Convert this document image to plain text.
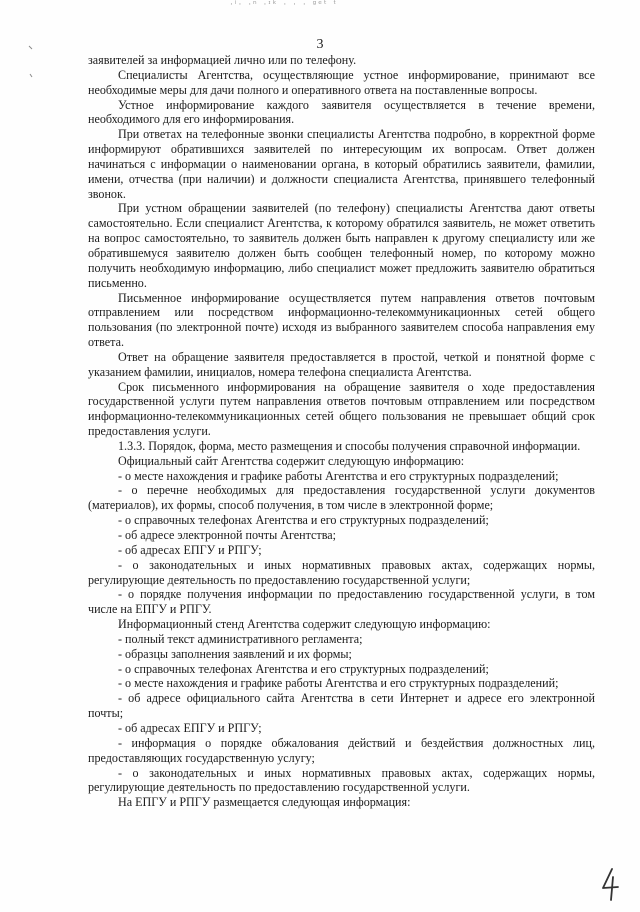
·ⁱ· ·ⁿ ·ᶦᵏ · · · ᵍᵉᵗ ᵗ
3

заявителей за информацией лично или по телефону.

Специалисты Агентства, осуществляющие устное информирование, принимают все необходимые меры для дачи полного и оперативного ответа на поставленные вопросы.

Устное информирование каждого заявителя осуществляется в течение времени, необходимого для его информирования.

При ответах на телефонные звонки специалисты Агентства подробно, в корректной форме информируют обратившихся заявителей по интересующим их вопросам. Ответ должен начинаться с информации о наименовании органа, в который обратились заявители, фамилии, имени, отчества (при наличии) и должности специалиста Агентства, принявшего телефонный звонок.

При устном обращении заявителей (по телефону) специалисты Агентства дают ответы самостоятельно. Если специалист Агентства, к которому обратился заявитель, не может ответить на вопрос самостоятельно, то заявитель должен быть направлен к другому специалисту или же обратившемуся заявителю должен быть сообщен телефонный номер, по которому можно получить необходимую информацию, либо специалист может предложить заявителю обратиться письменно.

Письменное информирование осуществляется путем направления ответов почтовым отправлением или посредством информационно-телекоммуникационных сетей общего пользования (по электронной почте) исходя из выбранного заявителем способа направления ему ответа.

Ответ на обращение заявителя предоставляется в простой, четкой и понятной форме с указанием фамилии, инициалов, номера телефона специалиста Агентства.

Срок письменного информирования на обращение заявителя о ходе предоставления государственной услуги путем направления ответов почтовым отправлением или посредством информационно-телекоммуникационных сетей общего пользования не превышает общий срок предоставления услуги.

1.3.3. Порядок, форма, место размещения и способы получения справочной информации.

Официальный сайт Агентства содержит следующую информацию:

- о месте нахождения и графике работы Агентства и его структурных подразделений;

- о перечне необходимых для предоставления государственной услуги документов (материалов), их формы, способ получения, в том числе в электронной форме;

- о справочных телефонах Агентства и его структурных подразделений;

- об адресе электронной почты Агентства;

- об адресах ЕПГУ и РПГУ;

- о законодательных и иных нормативных правовых актах, содержащих нормы, регулирующие деятельность по предоставлению государственной услуги;

- о порядке получения информации по предоставлению государственной услуги, в том числе на ЕПГУ и РПГУ.

Информационный стенд Агентства содержит следующую информацию:

- полный текст административного регламента;

- образцы заполнения заявлений и их формы;

- о справочных телефонах Агентства и его структурных подразделений;

- о месте нахождения и графике работы Агентства и его структурных подразделений;

- об адресе официального сайта Агентства в сети Интернет и адресе его электронной почты;

- об адресах ЕПГУ и РПГУ;

- информация о порядке обжалования действий и бездействия должностных лиц, предоставляющих государственную услугу;

- о законодательных и иных нормативных правовых актах, содержащих нормы, регулирующие деятельность по предоставлению государственной услуги.

На ЕПГУ и РПГУ размещается следующая информация:
